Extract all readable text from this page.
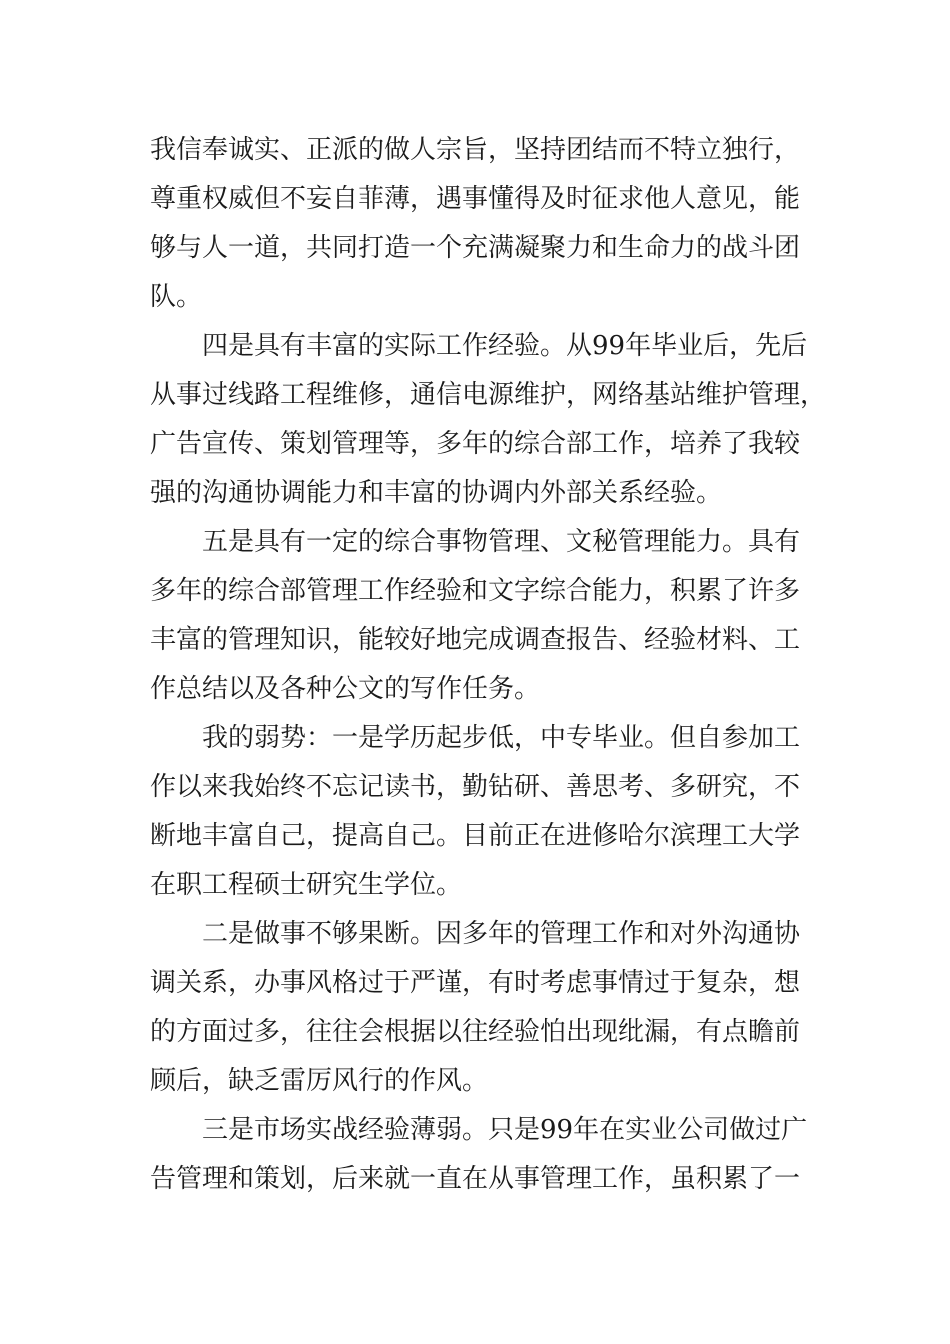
我信奉诚实、正派的做人宗旨，坚持团结而不特立独行，
尊重权威但不妄自菲薄，遇事懂得及时征求他人意见，能
够与人一道，共同打造一个充满凝聚力和生命力的战斗团
队。
四是具有丰富的实际工作经验。从99年毕业后，先后
从事过线路工程维修，通信电源维护，网络基站维护管理，
广告宣传、策划管理等，多年的综合部工作，培养了我较
强的沟通协调能力和丰富的协调内外部关系经验。
五是具有一定的综合事物管理、文秘管理能力。具有
多年的综合部管理工作经验和文字综合能力，积累了许多
丰富的管理知识，能较好地完成调查报告、经验材料、工
作总结以及各种公文的写作任务。
我的弱势：一是学历起步低，中专毕业。但自参加工
作以来我始终不忘记读书，勤钻研、善思考、多研究，不
断地丰富自己，提高自己。目前正在进修哈尔滨理工大学
在职工程硕士研究生学位。
二是做事不够果断。因多年的管理工作和对外沟通协
调关系，办事风格过于严谨，有时考虑事情过于复杂，想
的方面过多，往往会根据以往经验怕出现纰漏，有点瞻前
顾后，缺乏雷厉风行的作风。
三是市场实战经验薄弱。只是99年在实业公司做过广
告管理和策划，后来就一直在从事管理工作，虽积累了一
